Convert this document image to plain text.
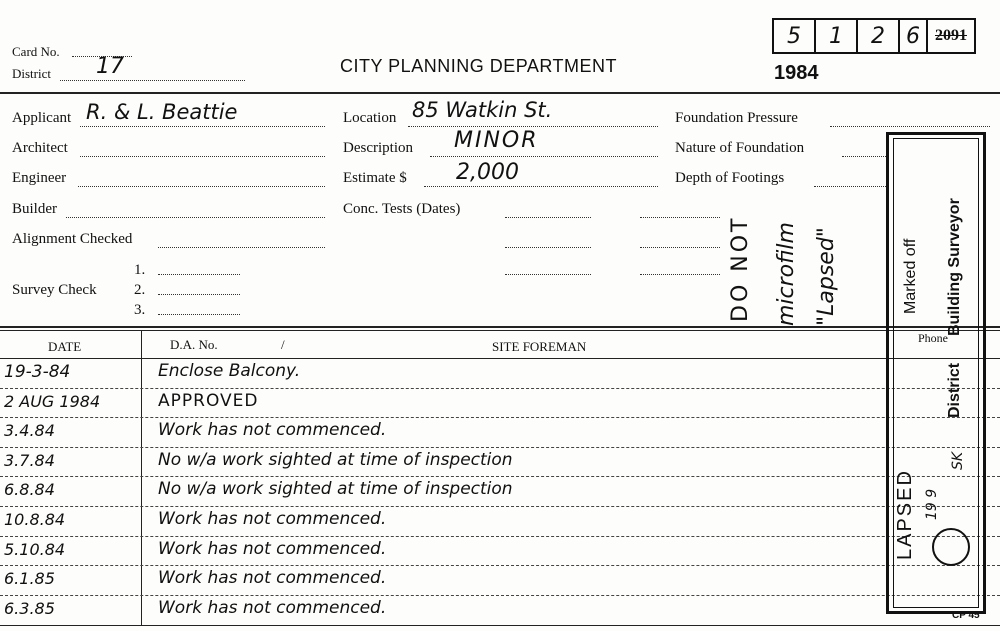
Card No.
District 17	CITY PLANNING DEPARTMENT
5	1	2 6 2091
1984
Applicant R. & L. Beattie
Architect
Engineer
Builder
Alignment Checked
Survey Check
1.
2.
3.
Location 85 Watkin St.
Description MINOR
Estimate $ 2,000
Conc. Tests (Dates)
Foundation Pressure
Nature of Foundation
Depth of Footings
DO NOT microfilm "Lapsed"
DATE	D.A. No.	/	SITE FOREMAN
Phone
19-3-84	Enclose Balcony.
2 AUG 1984	APPROVED
3.4.84	Work has not commenced.
3.7.84	No w/a work sighted at time of inspection
6.8.84	No w/a work sighted at time of inspection
10.8.84	Work has not commenced.
5.10.84	Work has not commenced.
6.1.85	Work has not commenced.
6.3.85	Work has not commenced.	CP 45
Marked off
District
Building Surveyor
LAPSED 19 9
SK
